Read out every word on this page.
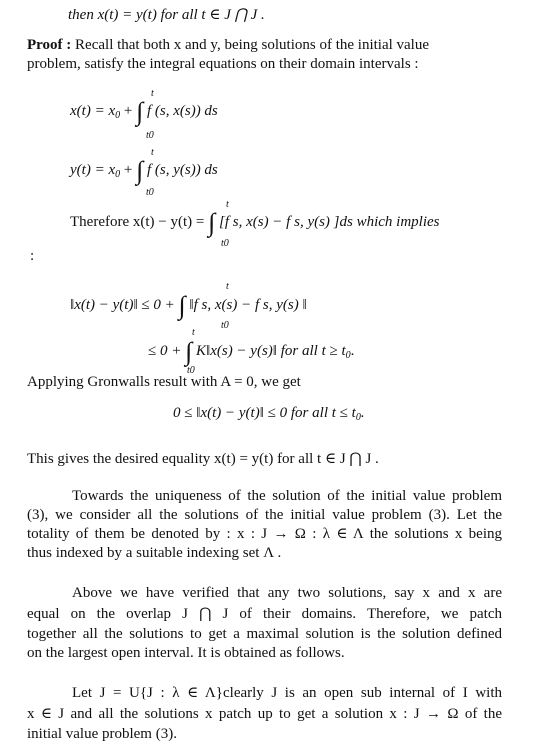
then x(t) = y(t) for all t ∈ J ⋂ J .
Proof : Recall that both x and y, being solutions of the initial value
problem, satisfy the integral equations on their domain intervals :
$x(t) = x_0$ + ∫ f (s, x(s)) ds
t
t0
$y(t) = x_0$ + ∫ f (s, y(s)) ds
t
t0
Therefore x(t) − y(t) = ∫ [f s, x(s) − f s, y(s) ]ds which implies
t
t0
:
‖x(t) − y(t)‖ ≤ 0 + ∫ ‖f s, x(s) − f s, y(s) ‖
t
t0
≤ 0 + ∫ K‖x(s) − y(s)‖ for all $t \ge t_0$.
t
t0
Applying Gronwalls result with A = 0, we get
0 ≤ ‖x(t) − y(t)‖ ≤ 0 for all $t \le t_0$.
This gives the desired equality x(t) = y(t) for all t ∈ J ⋂ J .
Towards the uniqueness of the solution of the initial value problem
(3), we consider all the solutions of the initial value problem (3). Let the
totality of them be denoted by : x : J → Ω : λ ∈ Λ the solutions x being
thus indexed by a suitable indexing set Λ .
Above we have verified that any two solutions, say x and x are
equal on the overlap J ⋂ J of their domains. Therefore, we patch
together all the solutions to get a maximal solution is the solution defined
on the largest open interval. It is obtained as follows.
Let J = U{J : λ ∈ Λ}clearly J is an open sub internal of I with
x ∈ J and all the solutions x patch up to get a solution x : J → Ω of the
initial value problem (3).
